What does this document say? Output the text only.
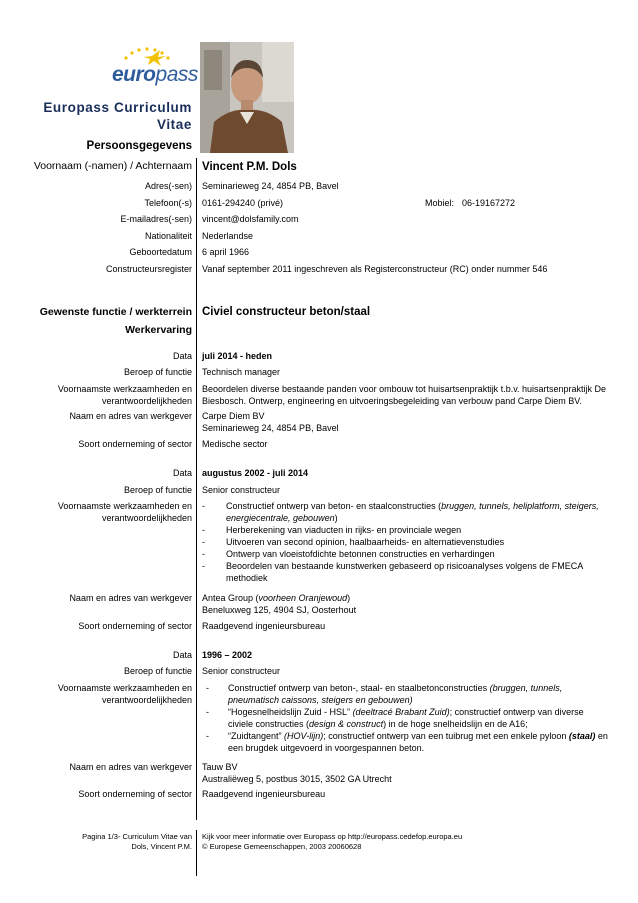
europass
Europass Curriculum
Vitae
Persoonsgegevens
Voornaam (-namen) / Achternaam Vincent P.M. Dols
Adres(-sen) Seminarieweg 24, 4854 PB, Bavel
Telefoon(-s) 0161-294240 (privé)	Mobiel: 06-19167272
E-mailadres(-sen) vincent@dolsfamily.com
Nationaliteit Nederlandse
Geboortedatum 6 april 1966
Constructeursregister Vanaf september 2011 ingeschreven als Registerconstructeur (RC) onder nummer 546
Gewenste functie / werkterrein Civiel constructeur beton/staal
Werkervaring
Data juli 2014 - heden
Beroep of functie Technisch manager
Voornaamste werkzaamheden en
verantwoordelijkheden
Beoordelen diverse bestaande panden voor ombouw tot huisartsenpraktijk t.b.v. huisartsenpraktijk De
Biesbosch. Ontwerp, engineering en uitvoeringsbegeleiding van verbouw pand Carpe Diem BV.
Naam en adres van werkgever Carpe Diem BV
Seminarieweg 24, 4854 PB, Bavel
Soort onderneming of sector Medische sector
Data augustus 2002 - juli 2014
Beroep of functie Senior constructeur
Voornaamste werkzaamheden en
verantwoordelijkheden
- Constructief ontwerp van beton- en staalconstructies (bruggen, tunnels, heliplatform, steigers,
energiecentrale, gebouwen)
- Herberekening van viaducten in rijks- en provinciale wegen
- Uitvoeren van second opinion, haalbaarheids- en alternatievenstudies
- Ontwerp van vloeistofdichte betonnen constructies en verhardingen
- Beoordelen van bestaande kunstwerken gebaseerd op risicoanalyses volgens de FMECA
methodiek
Naam en adres van werkgever Antea Group (voorheen Oranjewoud)
Beneluxweg 125, 4904 SJ, Oosterhout
Soort onderneming of sector Raadgevend ingenieursbureau
Data 1996 – 2002
Beroep of functie Senior constructeur
Voornaamste werkzaamheden en
verantwoordelijkheden
- Constructief ontwerp van beton-, staal- en staalbetonconstructies (bruggen, tunnels,
pneumatisch caissons, steigers en gebouwen)
- “Hogesnelheidslijn Zuid - HSL” (deeltracé Brabant Zuid); constructief ontwerp van diverse
civiele constructies (design & construct) in de hoge snelheidslijn en de A16;
- “Zuidtangent” (HOV-lijn); constructief ontwerp van een tuibrug met een enkele pyloon (staal) en
een brugdek uitgevoerd in voorgespannen beton.
Naam en adres van werkgever Tauw BV
Australiëweg 5, postbus 3015, 3502 GA Utrecht
Soort onderneming of sector Raadgevend ingenieursbureau
Pagina 1/3- Curriculum Vitae van
Dols, Vincent P.M.
Kijk voor meer informatie over Europass op http://europass.cedefop.europa.eu
© Europese Gemeenschappen, 2003 20060628
